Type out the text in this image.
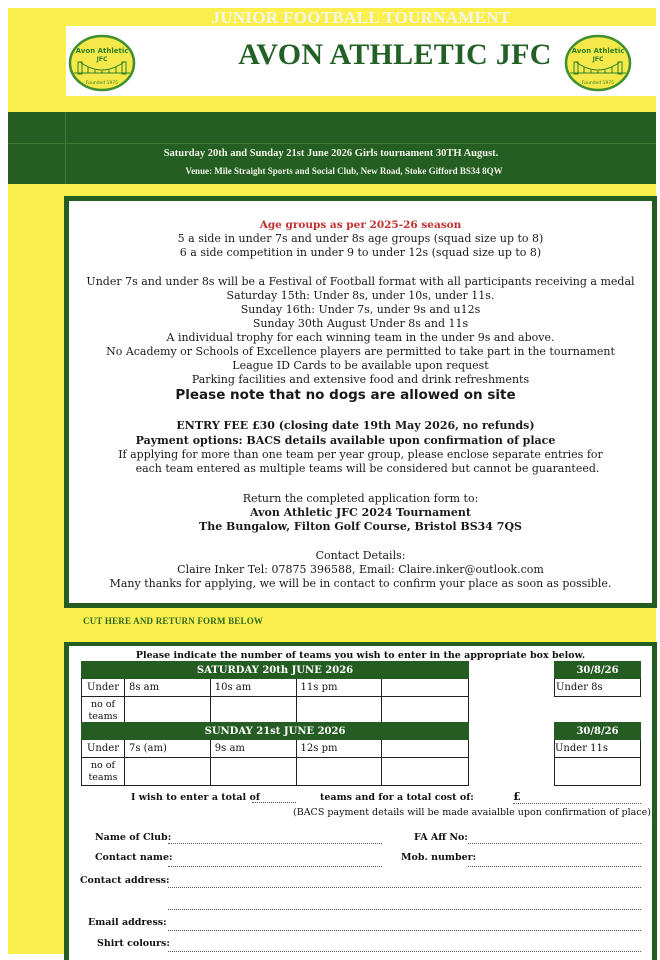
Avon Athletic
JFC
Founded 1975
AVON ATHLETIC JFC	Avon Athletic
JFC
Founded 1975
JUNIOR FOOTBALL TOURNAMENT
Saturday 20th and Sunday 21st June 2026 Girls tournament 30TH August.
Venue: Mile Straight Sports and Social Club, New Road, Stoke Gifford BS34 8QW
Age groups as per 2025-26 season
5 a side in under 7s and under 8s age groups (squad size up to 8)
6 a side competition in under 9 to under 12s (squad size up to 8)
Under 7s and under 8s will be a Festival of Football format with all participants receiving a medal
Saturday 15th: Under 8s, under 10s, under 11s.
Sunday 16th: Under 7s, under 9s and u12s
Sunday 30th August Under 8s and 11s
A individual trophy for each winning team in the under 9s and above.
No Academy or Schools of Excellence players are permitted to take part in the tournament
League ID Cards to be available upon request
Parking facilities and extensive food and drink refreshments
Please note that no dogs are allowed on site
ENTRY FEE £30 (closing date 19th May 2026, no refunds)
Payment options: BACS details available upon confirmation of place
If applying for more than one team per year group, please enclose separate entries for
each team entered as multiple teams will be considered but cannot be guaranteed.
Return the completed application form to:
Avon Athletic JFC 2024 Tournament
The Bungalow, Filton Golf Course, Bristol BS34 7QS
Contact Details:
Claire Inker Tel: 07875 396588, Email: Claire.inker@outlook.com
Many thanks for applying, we will be in contact to confirm your place as soon as possible.
CUT HERE AND RETURN FORM BELOW
Please indicate the number of teams you wish to enter in the appropriate box below.
SATURDAY 20th JUNE 2026				
Under	8s am	10s am	11s pm	
no of
teams				
SUNDAY 21st JUNE 2026				
Under	7s (am)	9s am	12s pm	
no of
teams				
30/8/26
Under 8s
30/8/26
Under 11s

I wish to enter a total of	teams and for a total cost of:	£
(BACS payment details will be made avaialble upon confirmation of place)
Name of Club:	FA Aff No:
Contact name:	Mob. number:
Contact address:
Email address:
Shirt colours:
